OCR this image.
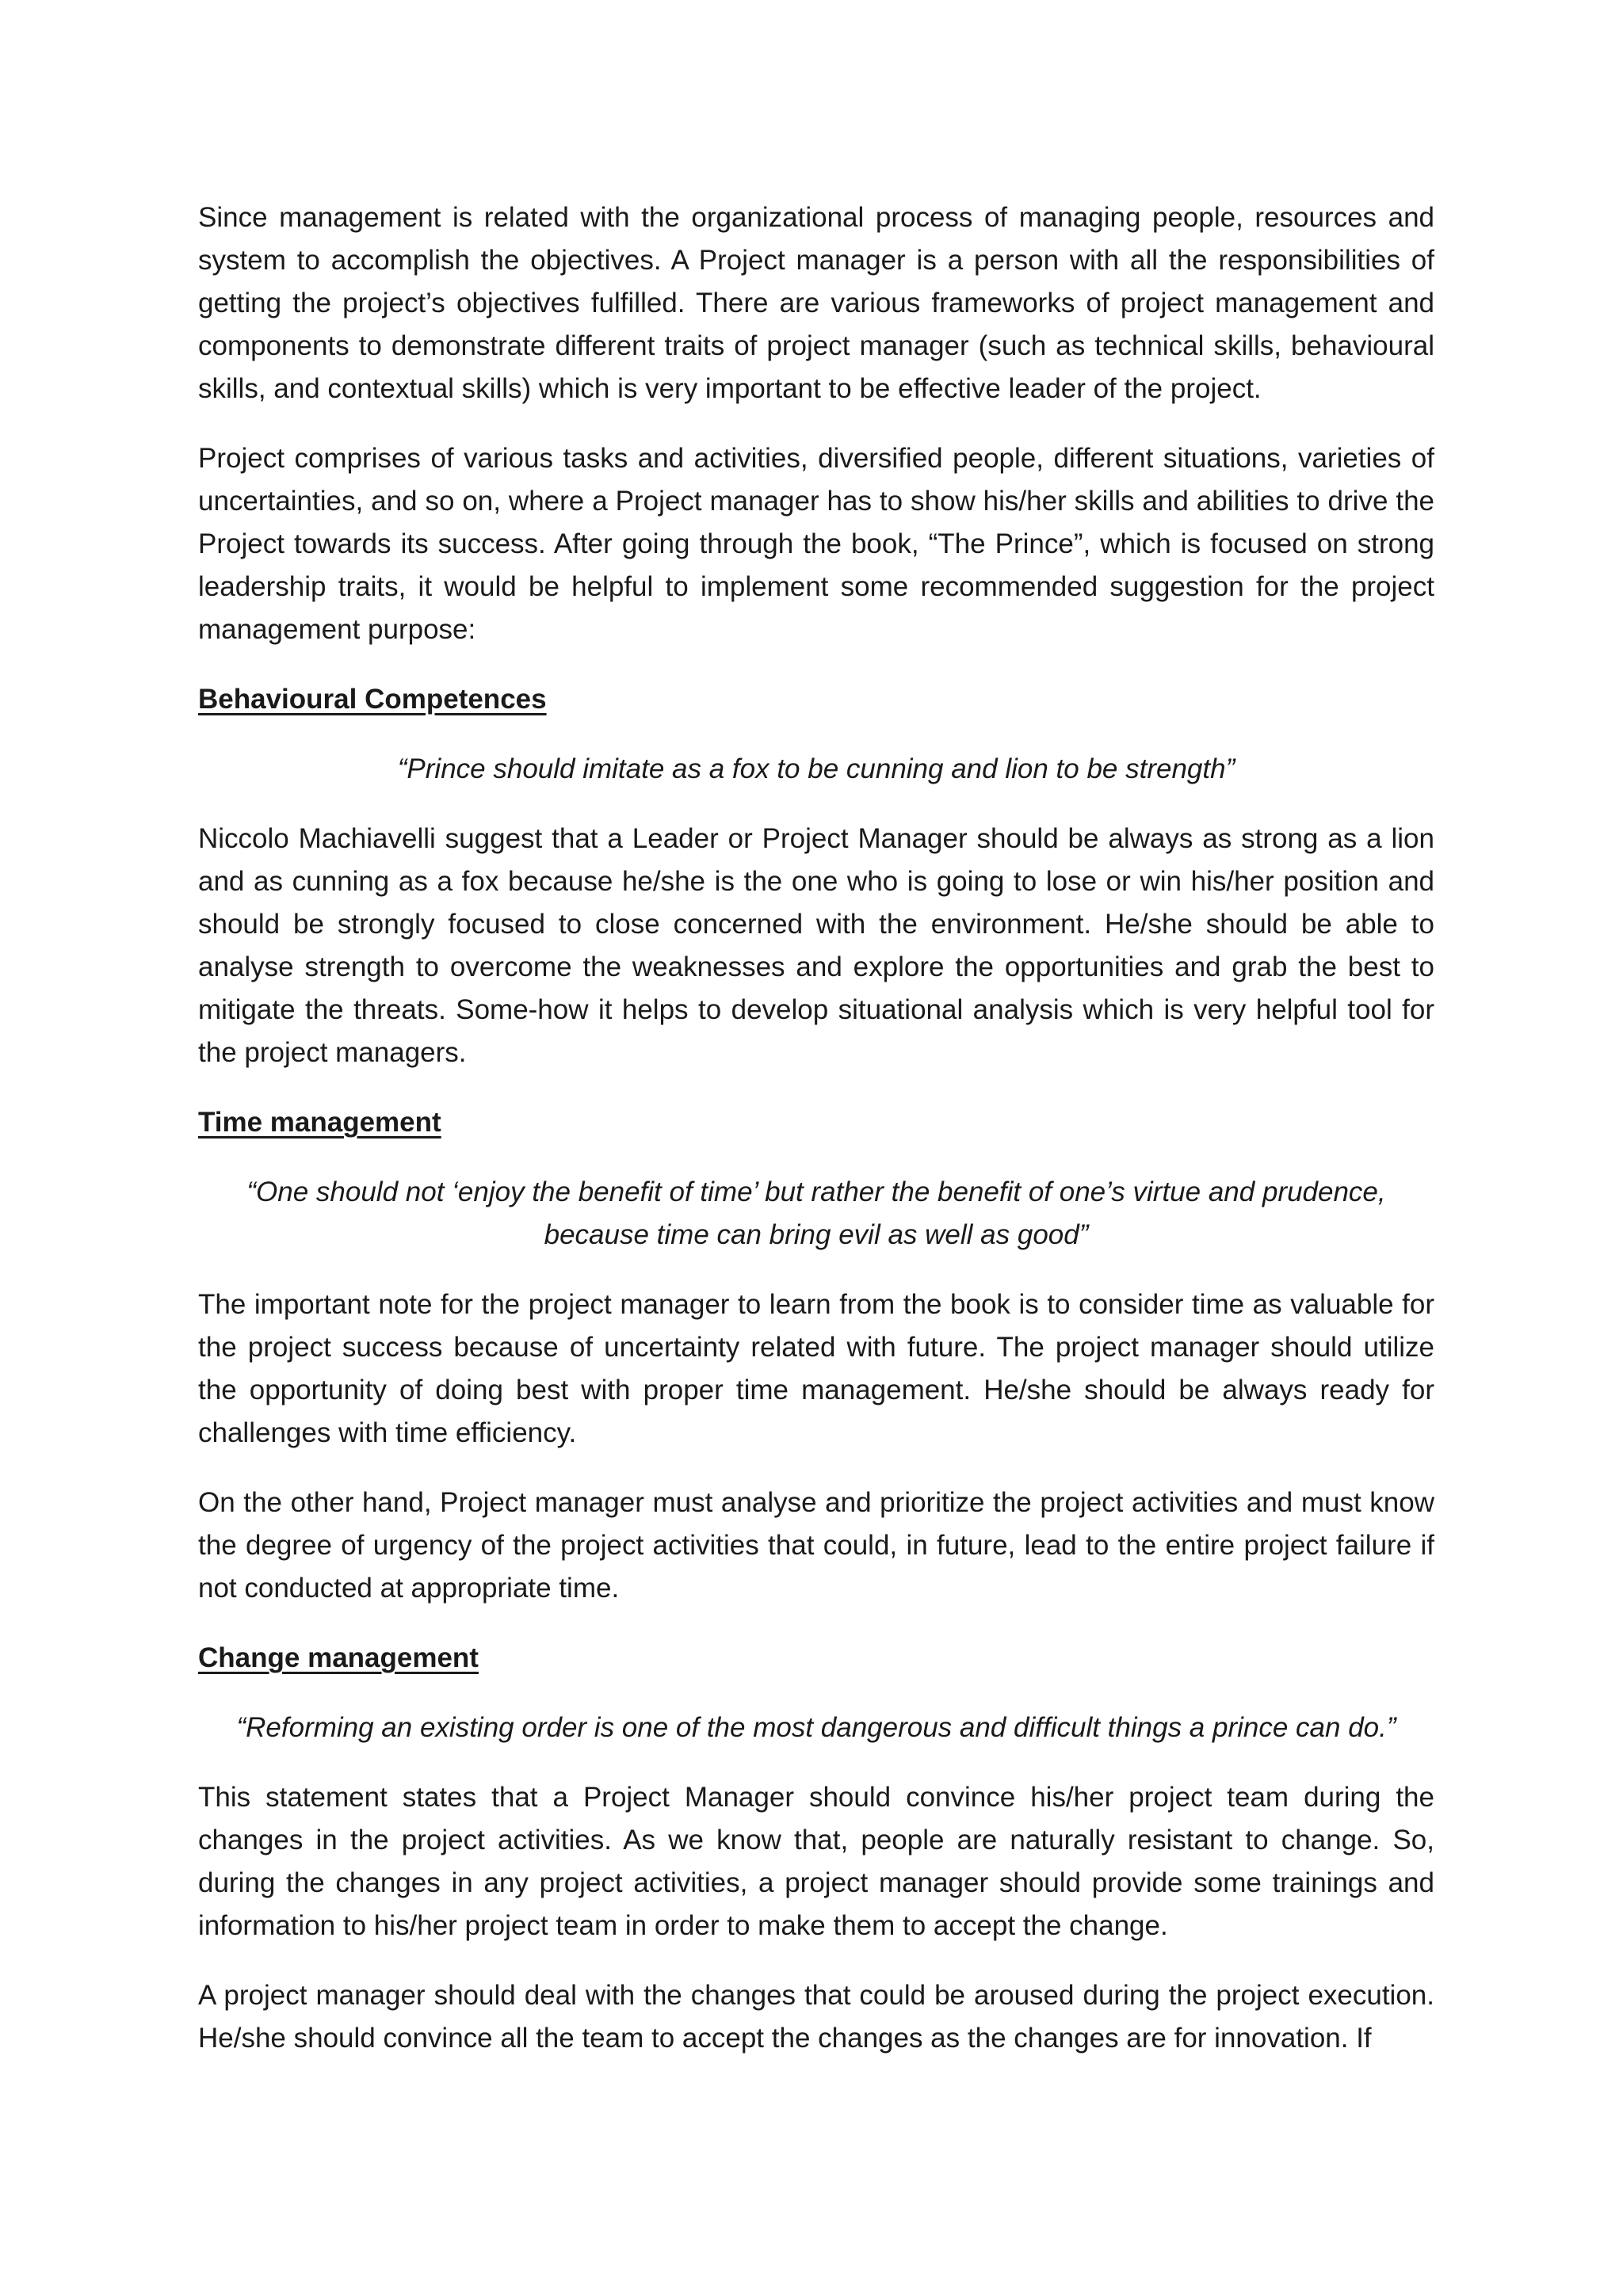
Since management is related with the organizational process of managing people, resources and system to accomplish the objectives. A Project manager is a person with all the responsibilities of getting the project’s objectives fulfilled. There are various frameworks of project management and components to demonstrate different traits of project manager (such as technical skills, behavioural skills, and contextual skills) which is very important to be effective leader of the project.

Project comprises of various tasks and activities, diversified people, different situations, varieties of uncertainties, and so on, where a Project manager has to show his/her skills and abilities to drive the Project towards its success. After going through the book, “The Prince”, which is focused on strong leadership traits, it would be helpful to implement some recommended suggestion for the project management purpose:

Behavioural Competences
“Prince should imitate as a fox to be cunning and lion to be strength”

Niccolo Machiavelli suggest that a Leader or Project Manager should be always as strong as a lion and as cunning as a fox because he/she is the one who is going to lose or win his/her position and should be strongly focused to close concerned with the environment. He/she should be able to analyse strength to overcome the weaknesses and explore the opportunities and grab the best to mitigate the threats. Some-how it helps to develop situational analysis which is very helpful tool for the project managers.

Time management
“One should not ‘enjoy the benefit of time’ but rather the benefit of one’s virtue and prudence,
because time can bring evil as well as good”

The important note for the project manager to learn from the book is to consider time as valuable for the project success because of uncertainty related with future. The project manager should utilize the opportunity of doing best with proper time management. He/she should be always ready for challenges with time efficiency.

On the other hand, Project manager must analyse and prioritize the project activities and must know the degree of urgency of the project activities that could, in future, lead to the entire project failure if not conducted at appropriate time.

Change management
“Reforming an existing order is one of the most dangerous and difficult things a prince can do.”

This statement states that a Project Manager should convince his/her project team during the changes in the project activities. As we know that, people are naturally resistant to change. So, during the changes in any project activities, a project manager should provide some trainings and information to his/her project team in order to make them to accept the change.

A project manager should deal with the changes that could be aroused during the project execution. He/she should convince all the team to accept the changes as the changes are for innovation. If
